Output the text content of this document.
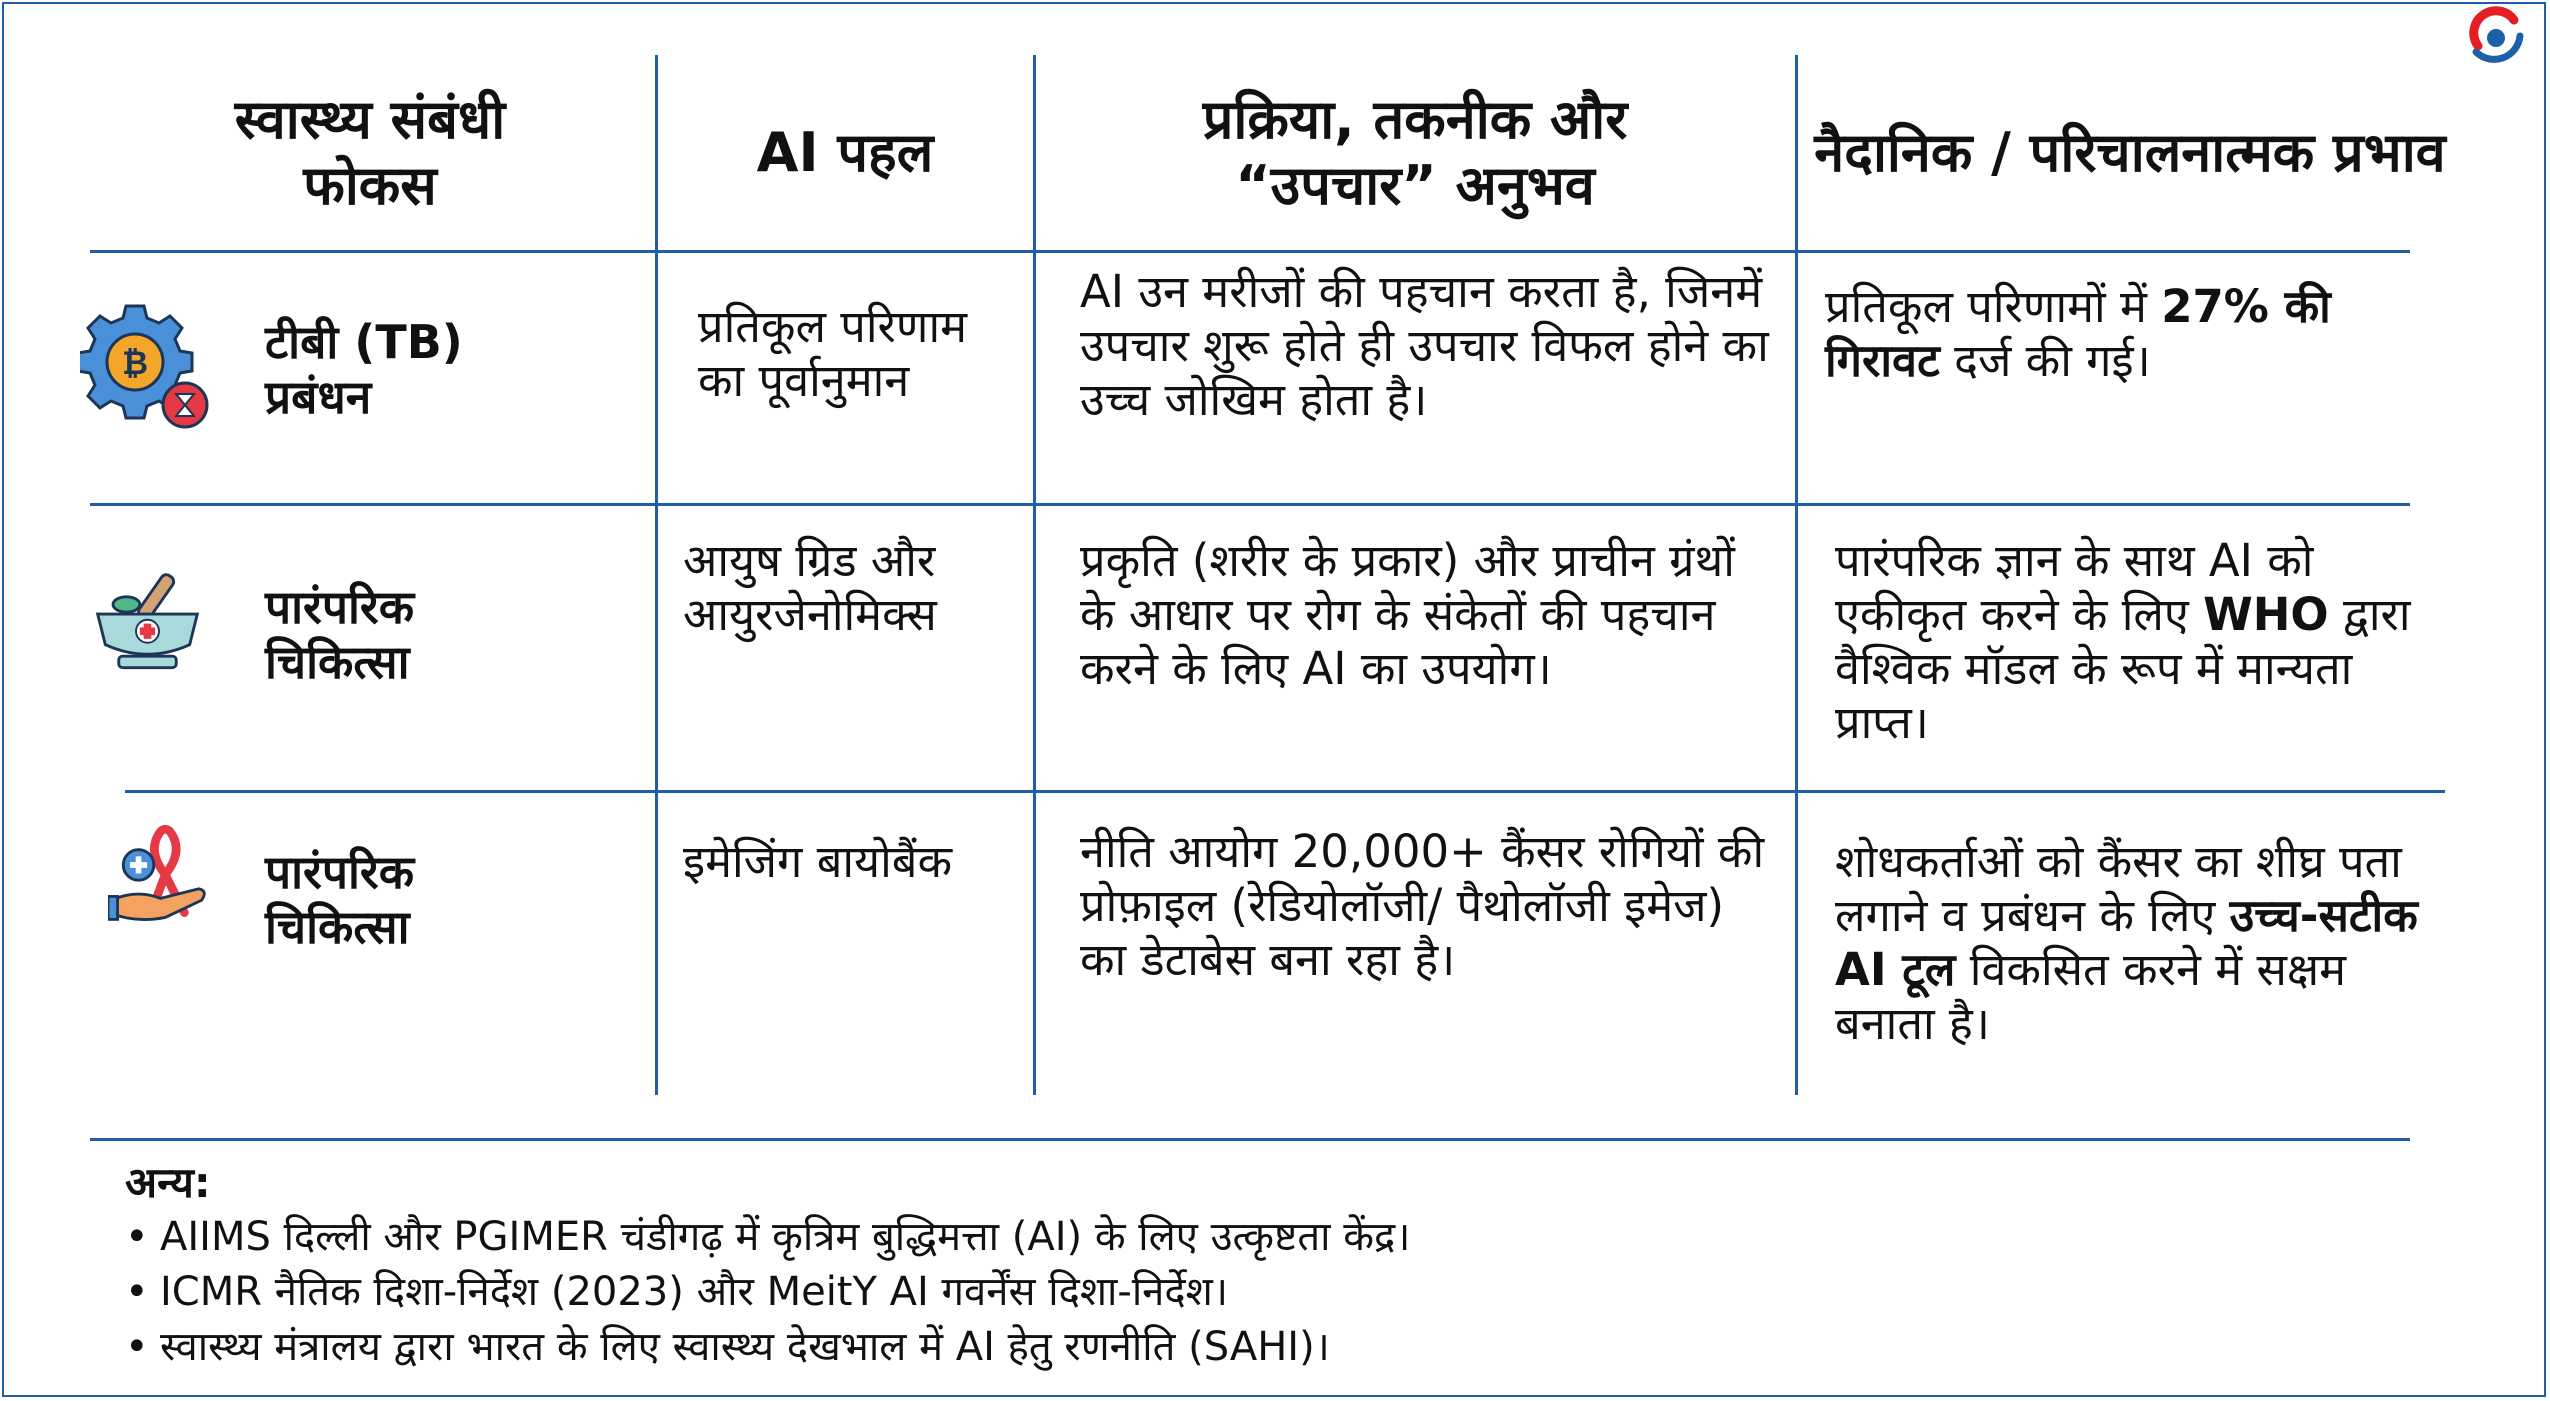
स्वास्थ्य संबंधी फोकस
AI पहल
प्रक्रिया, तकनीक और “उपचार” अनुभव
नैदानिक / परिचालनात्मक प्रभाव
₿	टीबी (TB) प्रबंधन
प्रतिकूल परिणाम का पूर्वानुमान
AI उन मरीजों की पहचान करता है, जिनमें उपचार शुरू होते ही उपचार विफल होने का उच्च जोखिम होता है।
प्रतिकूल परिणामों में 27% की गिरावट दर्ज की गई।
पारंपरिक चिकित्सा
आयुष ग्रिड और आयुरजेनोमिक्स
प्रकृति (शरीर के प्रकार) और प्राचीन ग्रंथों के आधार पर रोग के संकेतों की पहचान करने के लिए AI का उपयोग।
पारंपरिक ज्ञान के साथ AI को एकीकृत करने के लिए WHO द्वारा वैश्विक मॉडल के रूप में मान्यता प्राप्त।
पारंपरिक चिकित्सा
इमेजिंग बायोबैंक	नीति आयोग 20,000+ कैंसर रोगियों की प्रोफ़ाइल (रेडियोलॉजी/ पैथोलॉजी इमेज) का डेटाबेस बना रहा है।
शोधकर्ताओं को कैंसर का शीघ्र पता लगाने व प्रबंधन के लिए उच्च-सटीक AI टूल विकसित करने में सक्षम बनाता है।
अन्य:
• AIIMS दिल्ली और PGIMER चंडीगढ़ में कृत्रिम बुद्धिमत्ता (AI) के लिए उत्कृष्टता केंद्र।
• ICMR नैतिक दिशा-निर्देश (2023) और MeitY AI गवर्नेंस दिशा-निर्देश।
• स्वास्थ्य मंत्रालय द्वारा भारत के लिए स्वास्थ्य देखभाल में AI हेतु रणनीति (SAHI)।
